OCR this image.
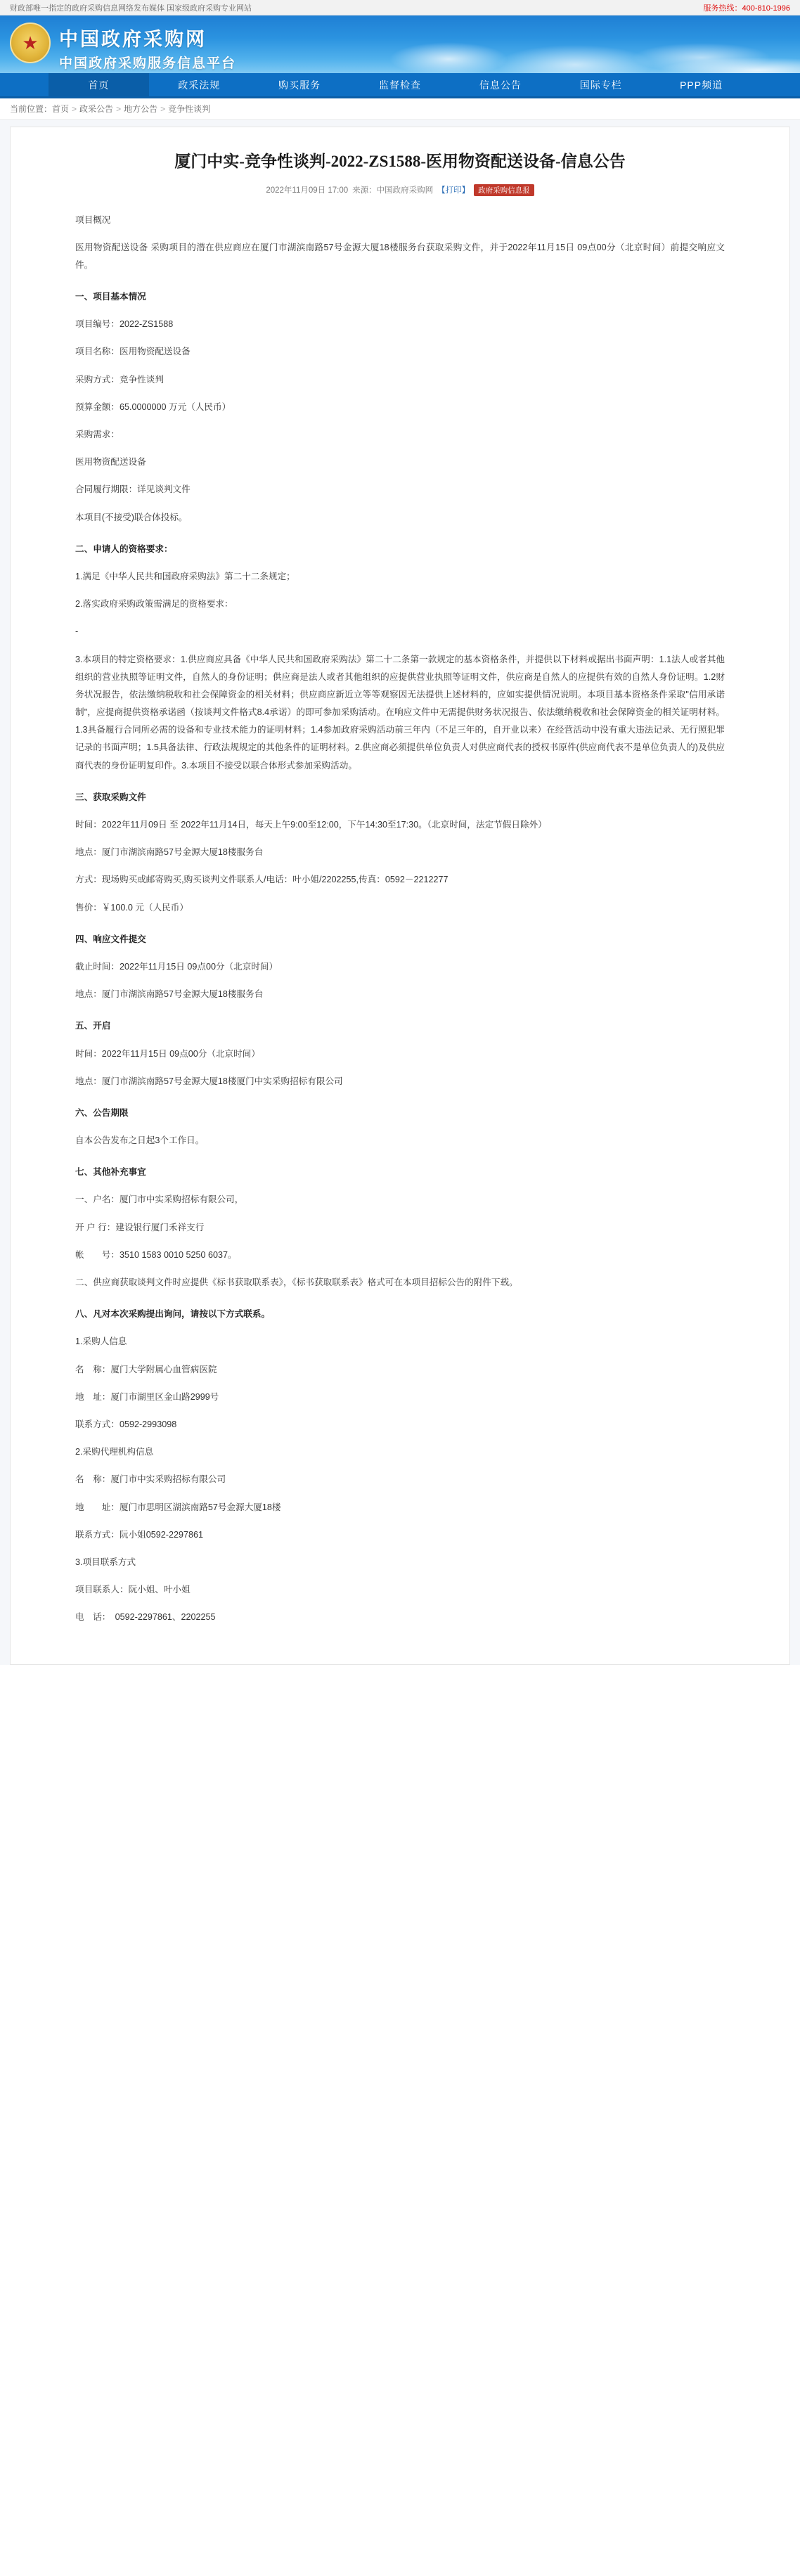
财政部唯一指定的政府采购信息网络发布媒体 国家级政府采购专业网站	服务热线：400-810-1996
★	中国政府采购网
中国政府采购服务信息平台
首页	政采法规	购买服务	监督检查	信息公告	国际专栏	PPP频道
当前位置： 首页 > 政采公告 > 地方公告 > 竞争性谈判
厦门中实-竞争性谈判-2022-ZS1588-医用物资配送设备-信息公告
2022年11月09日 17:00 来源：中国政府采购网 【打印】	政府采购信息报

项目概况

医用物资配送设备 采购项目的潜在供应商应在厦门市湖滨南路57号金源大厦18楼服务台获取采购文件，并于2022年11月15日 09点00分（北京时间）前提交响应文件。

一、项目基本情况

项目编号：2022-ZS1588

项目名称：医用物资配送设备

采购方式：竞争性谈判

预算金额：65.0000000 万元（人民币）

采购需求：

医用物资配送设备

合同履行期限：详见谈判文件

本项目(不接受)联合体投标。

二、申请人的资格要求：

1.满足《中华人民共和国政府采购法》第二十二条规定；

2.落实政府采购政策需满足的资格要求：

-

3.本项目的特定资格要求：1.供应商应具备《中华人民共和国政府采购法》第二十二条第一款规定的基本资格条件，并提供以下材料或据出书面声明：1.1法人或者其他组织的营业执照等证明文件，自然人的身份证明；供应商是法人或者其他组织的应提供营业执照等证明文件，供应商是自然人的应提供有效的自然人身份证明。1.2财务状况报告，依法缴纳税收和社会保障资金的相关材料；供应商应新近立等等观察因无法提供上述材料的，应如实提供情况说明。本项目基本资格条件采取"信用承诺制"，应提商提供资格承诺函（按谈判文件格式8.4承诺）的即可参加采购活动。在响应文件中无需提供财务状况报告、依法缴纳税收和社会保障资金的相关证明材料。1.3具备履行合同所必需的设备和专业技术能力的证明材料；1.4参加政府采购活动前三年内（不足三年的，自开业以来）在经营活动中没有重大违法记录、无行照犯罪记录的书面声明；1.5具备法律、行政法规规定的其他条件的证明材料。2.供应商必须提供单位负责人对供应商代表的授权书原件(供应商代表不是单位负责人的)及供应商代表的身份证明复印件。3.本项目不接受以联合体形式参加采购活动。

三、获取采购文件

时间：2022年11月09日 至 2022年11月14日，每天上午9:00至12:00，下午14:30至17:30。（北京时间，法定节假日除外）

地点：厦门市湖滨南路57号金源大厦18楼服务台

方式：现场购买或邮寄购买,购买谈判文件联系人/电话：叶小姐/2202255,传真：0592－2212277

售价：￥100.0 元（人民币）

四、响应文件提交

截止时间：2022年11月15日 09点00分（北京时间）

地点：厦门市湖滨南路57号金源大厦18楼服务台

五、开启

时间：2022年11月15日 09点00分（北京时间）

地点：厦门市湖滨南路57号金源大厦18楼厦门中实采购招标有限公司

六、公告期限

自本公告发布之日起3个工作日。

七、其他补充事宜

一、户名：厦门市中实采购招标有限公司，

开 户 行：建设银行厦门禾祥支行

帐　　号：3510 1583 0010 5250 6037。

二、供应商获取谈判文件时应提供《标书获取联系表》，《标书获取联系表》格式可在本项目招标公告的附件下载。

八、凡对本次采购提出询问，请按以下方式联系。

1.采购人信息

名　称：厦门大学附属心血管病医院

地　址：厦门市湖里区金山路2999号

联系方式：0592-2993098

2.采购代理机构信息

名　称：厦门市中实采购招标有限公司

地　　址：厦门市思明区湖滨南路57号金源大厦18楼

联系方式：阮小姐0592-2297861

3.项目联系方式

项目联系人：阮小姐、叶小姐

电　话：　0592-2297861、2202255
